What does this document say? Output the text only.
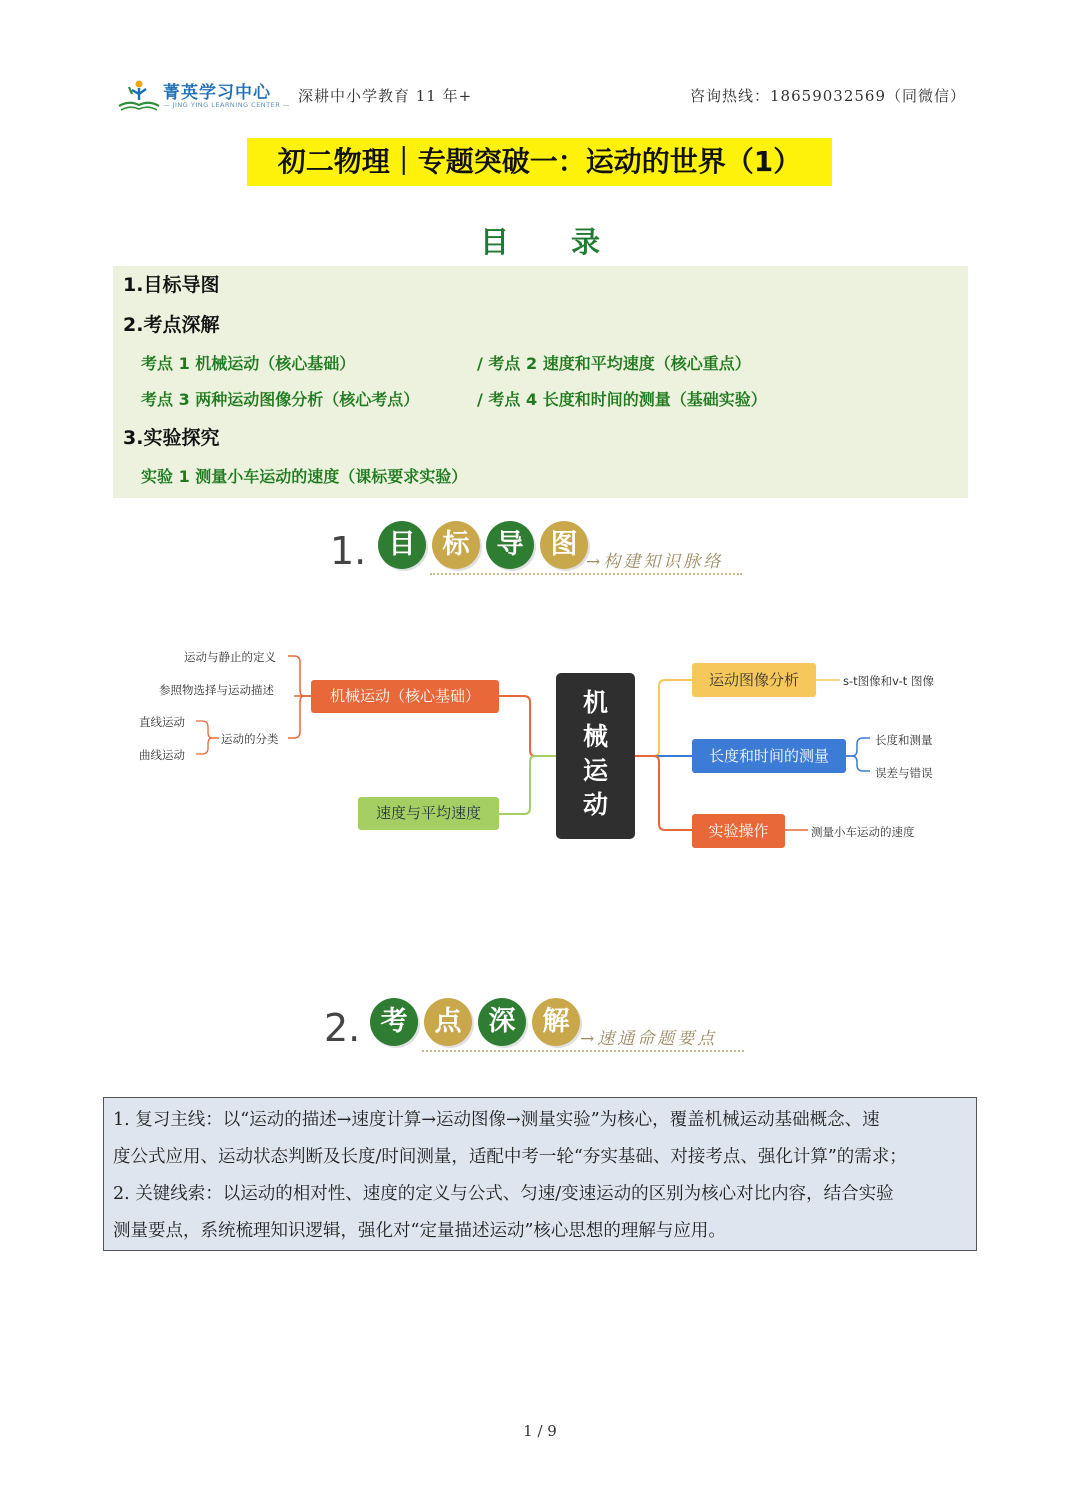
菁英学习中心
— JING YING LEARNING CENTER — 深耕中小学教育 11 年+	咨询热线：18659032569（同微信）
初二物理｜专题突破一：运动的世界（1）
目 录
1.目标导图
2.考点深解
考点 1 机械运动（核心基础）	/ 考点 2 速度和平均速度（核心重点）
考点 3 两种运动图像分析（核心考点）	/ 考点 4 长度和时间的测量（基础实验）
3.实验探究
实验 1 测量小车运动的速度（课标要求实验）
1. 目	标	导	图
→构建知识脉络
机
械
运
动
机械运动（核心基础）
速度与平均速度
运动图像分析
长度和时间的测量
实验操作
运动与静止的定义
参照物选择与运动描述
运动的分类
直线运动
曲线运动
s-t图像和v-t 图像
长度和测量
误差与错误
测量小车运动的速度
2. 考	点	深	解
→速通命题要点
1. 复习主线：以“运动的描述→速度计算→运动图像→测量实验”为核心，覆盖机械运动基础概念、速
度公式应用、运动状态判断及长度/时间测量，适配中考一轮“夯实基础、对接考点、强化计算”的需求；
2. 关键线索：以运动的相对性、速度的定义与公式、匀速/变速运动的区别为核心对比内容，结合实验
测量要点，系统梳理知识逻辑，强化对“定量描述运动”核心思想的理解与应用。
1 / 9
